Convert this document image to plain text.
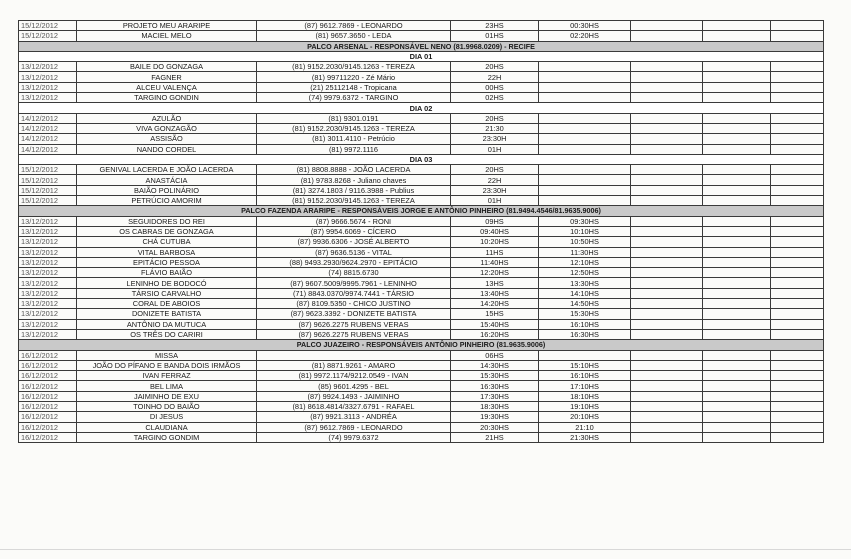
15/12/2012	PROJETO MEU ARARIPE	(87) 9612.7869 - LEONARDO	23HS	00:30HS			
15/12/2012	MACIEL MELO	(81) 9657.3650 - LEDA	01HS	02:20HS			
PALCO ARSENAL - RESPONSÁVEL NENO (81.9968.0209) - RECIFE							
DIA 01							
13/12/2012	BAILE DO GONZAGA	(81) 9152.2030/9145.1263 - TEREZA	20HS				
13/12/2012	FAGNER	(81) 99711220 - Zé Mário	22H				
13/12/2012	ALCEU VALENÇA	(21) 25112148 - Tropicana	00HS				
13/12/2012	TARGINO GONDIN	(74) 9979.6372 - TARGINO	02HS				
DIA 02							
14/12/2012	AZULÃO	(81) 9301.0191	20HS				
14/12/2012	VIVA GONZAGÃO	(81) 9152.2030/9145.1263 - TEREZA	21:30				
14/12/2012	ASSISÃO	(81) 3011.4110 - Petrúcio	23:30H				
14/12/2012	NANDO CORDEL	(81) 9972.1116	01H				
DIA 03							
15/12/2012	GENIVAL LACERDA E JOÃO LACERDA	(81) 8808.8888 - JOÃO LACERDA	20HS				
15/12/2012	ANASTÁCIA	(81) 9783.8268 - Juliano chaves	22H				
15/12/2012	BAIÃO POLINÁRIO	(81) 3274.1803 / 9116.3988 - Publius	23:30H				
15/12/2012	PETRÚCIO AMORIM	(81) 9152.2030/9145.1263 - TEREZA	01H				
PALCO FAZENDA ARARIPE - RESPONSÁVEIS JORGE E ANTÔNIO PINHEIRO (81.9494.4546/81.9635.9006)							
13/12/2012	SEGUIDORES DO REI	(87) 9666.5674 - RONI	09HS	09:30HS			
13/12/2012	OS CABRAS DE GONZAGA	(87) 9954.6069 - CÍCERO	09:40HS	10:10HS			
13/12/2012	CHÁ CUTUBA	(87) 9936.6306 - JOSÉ ALBERTO	10:20HS	10:50HS			
13/12/2012	VITAL BARBOSA	(87) 9636.5136 - VITAL	11HS	11:30HS			
13/12/2012	EPITÁCIO PESSOA	(88) 9493.2930/9624.2970 - EPITÁCIO	11:40HS	12:10HS			
13/12/2012	FLÁVIO BAIÃO	(74) 8815.6730	12:20HS	12:50HS			
13/12/2012	LENINHO DE BODOCÓ	(87) 9607.5009/9995.7961 - LENINHO	13HS	13:30HS			
13/12/2012	TÁRSIO CARVALHO	(71) 8843.0370/9974.7441 - TÁRSIO	13:40HS	14:10HS			
13/12/2012	CORAL DE ABOIOS	(87) 8109.5350 - CHICO JUSTINO	14:20HS	14:50HS			
13/12/2012	DONIZETE BATISTA	(87) 9623.3392 - DONIZETE BATISTA	15HS	15:30HS			
13/12/2012	ANTÔNIO DA MUTUCA	(87) 9626.2275 RUBENS VERAS	15:40HS	16:10HS			
13/12/2012	OS TRÊS DO CARIRI	(87) 9626.2275 RUBENS VERAS	16:20HS	16:30HS			
PALCO JUAZEIRO - RESPONSÁVEIS ANTÔNIO PINHEIRO (81.9635.9006)							
16/12/2012	MISSA		06HS				
16/12/2012	JOÃO DO PÍFANO E BANDA DOIS IRMÃOS	(81) 8871.9261 - AMARO	14:30HS	15:10HS			
16/12/2012	IVAN FERRAZ	(81) 9972.1174/9212.0549 - IVAN	15:30HS	16:10HS			
16/12/2012	BEL LIMA	(85) 9601.4295 - BEL	16:30HS	17:10HS			
16/12/2012	JAIMINHO DE EXU	(87) 9924.1493 - JAIMINHO	17:30HS	18:10HS			
16/12/2012	TOINHO DO BAIÃO	(81) 8618.4814/3327.6791 - RAFAEL	18:30HS	19:10HS			
16/12/2012	DI JESUS	(87) 9921.3113 - ANDRÉA	19:30HS	20:10HS			
16/12/2012	CLAUDIANA	(87) 9612.7869 - LEONARDO	20:30HS	21:10			
16/12/2012	TARGINO GONDIM	(74) 9979.6372	21HS	21:30HS			
